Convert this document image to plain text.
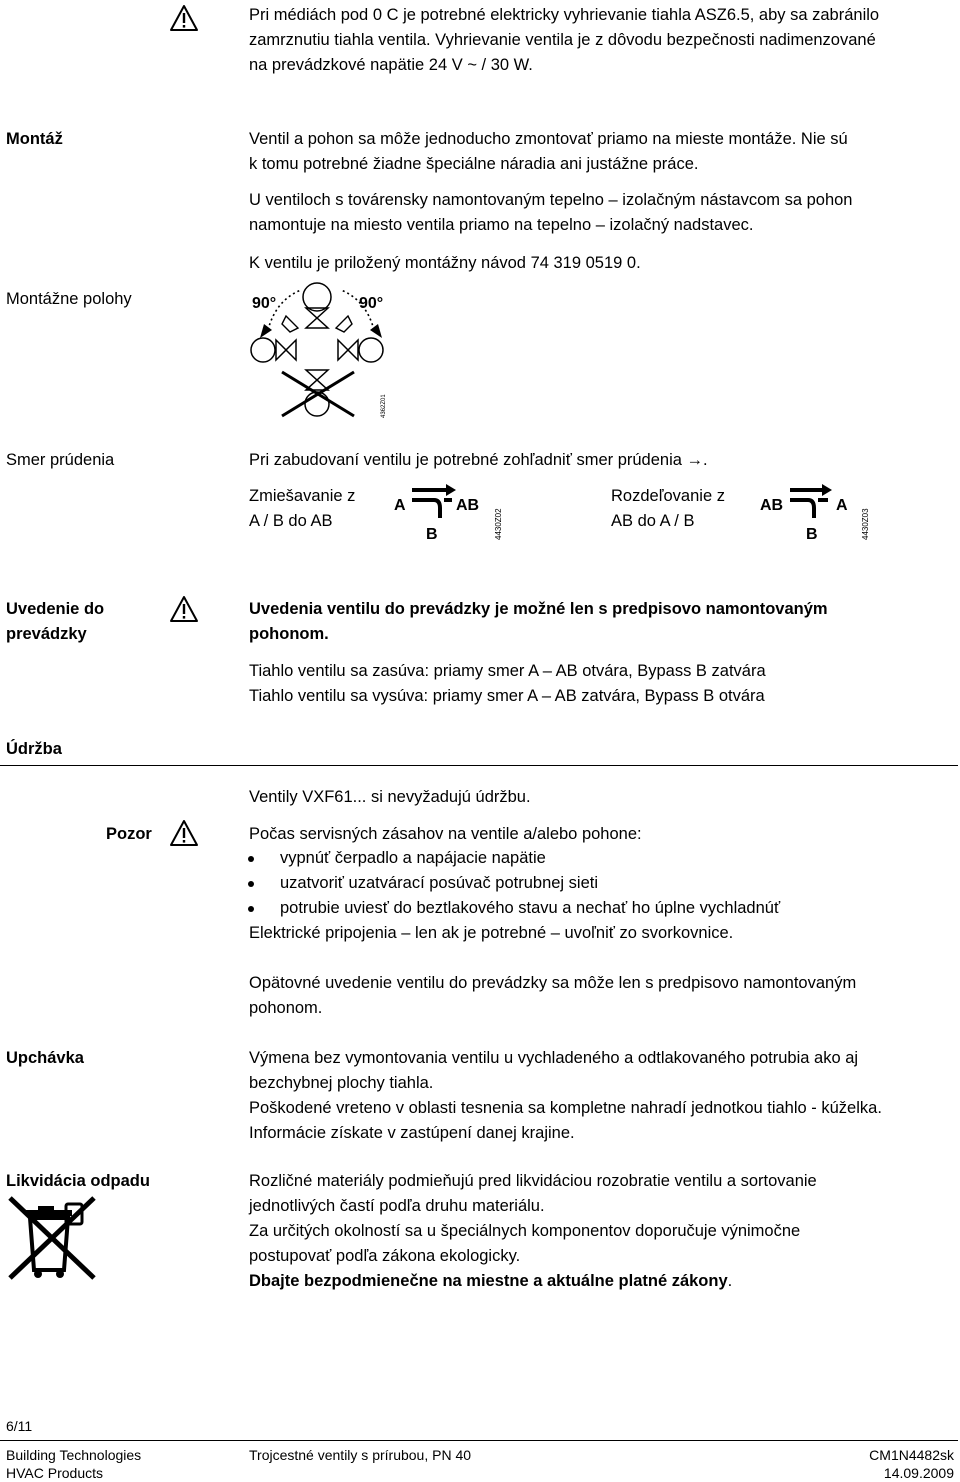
Pri médiách pod 0 C je potrebné elektricky vyhrievanie tiahla ASZ6.5, aby sa zabránilo
zamrznutiu tiahla ventila. Vyhrievanie ventila je z dôvodu bezpečnosti nadimenzované
na prevádzkové napätie 24 V ~ / 30 W.
Montáž	Ventil a pohon sa môže jednoducho zmontovať priamo na mieste montáže. Nie sú
k tomu potrebné žiadne špeciálne náradia ani justážne práce.
U ventiloch s továrensky namontovaným tepelno – izolačným nástavcom sa pohon
namontuje na miesto ventila priamo na tepelno – izolačný nadstavec.
K ventilu je priložený montážny návod 74 319 0519 0.
Montážne polohy	90°	90°
4362Z01
Smer prúdenia	Pri zabudovaní ventilu je potrebné zohľadniť smer prúdenia →.
Zmiešavanie z
A / B do AB
A	AB
B	4430Z02
Rozdeľovanie z
AB do A / B
AB	A
B	4430Z03
Uvedenie do
prevádzky
Uvedenia ventilu do prevádzky je možné len s predpisovo namontovaným
pohonom.
Tiahlo ventilu sa zasúva: priamy smer A – AB otvára, Bypass B zatvára
Tiahlo ventilu sa vysúva: priamy smer A – AB zatvára, Bypass B otvára
Údržba
Ventily VXF61... si nevyžadujú údržbu.
Pozor	Počas servisných zásahov na ventile a/alebo pohone:
vypnúť čerpadlo a napájacie napätie
uzatvoriť uzatvárací posúvač potrubnej sieti
potrubie uviesť do beztlakového stavu a nechať ho úplne vychladnúť
Elektrické pripojenia – len ak je potrebné – uvoľniť zo svorkovnice.
Opätovné uvedenie ventilu do prevádzky sa môže len s predpisovo namontovaným
pohonom.
Upchávka	Výmena bez vymontovania ventilu u vychladeného a odtlakovaného potrubia ako aj
bezchybnej plochy tiahla.
Poškodené vreteno v oblasti tesnenia sa kompletne nahradí jednotkou tiahlo - kúželka.
Informácie získate v zastúpení danej krajine.
Likvidácia odpadu	Rozličné materiály podmieňujú pred likvidáciou rozobratie ventilu a sortovanie
jednotlivých častí podľa druhu materiálu.
Za určitých okolností sa u špeciálnych komponentov doporučuje výnimočne
postupovať podľa zákona ekologicky.
Dbajte bezpodmienečne na miestne a aktuálne platné zákony.
6/11
Building Technologies
HVAC Products
Trojcestné ventily s prírubou, PN 40	CM1N4482sk
14.09.2009
